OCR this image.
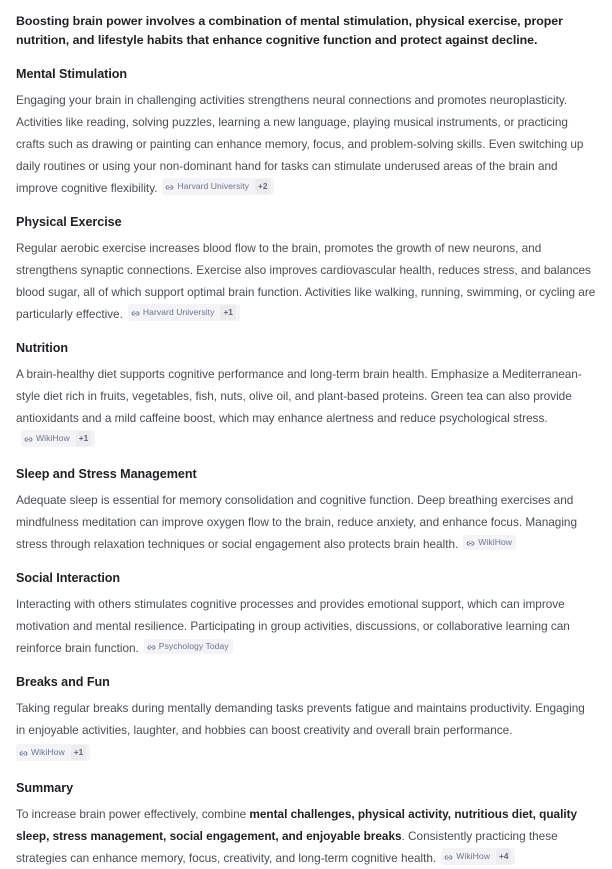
Boosting brain power involves a combination of mental stimulation, physical exercise, proper nutrition, and lifestyle habits that enhance cognitive function and protect against decline.

Mental Stimulation

Engaging your brain in challenging activities strengthens neural connections and promotes neuroplasticity. Activities like reading, solving puzzles, learning a new language, playing musical instruments, or practicing crafts such as drawing or painting can enhance memory, focus, and problem-solving skills. Even switching up daily routines or using your non-dominant hand for tasks can stimulate underused areas of the brain and improve cognitive flexibility. Harvard University	+2

Physical Exercise

Regular aerobic exercise increases blood flow to the brain, promotes the growth of new neurons, and strengthens synaptic connections. Exercise also improves cardiovascular health, reduces stress, and balances blood sugar, all of which support optimal brain function. Activities like walking, running, swimming, or cycling are particularly effective. Harvard University	+1

Nutrition

A brain-healthy diet supports cognitive performance and long-term brain health. Emphasize a Mediterranean-style diet rich in fruits, vegetables, fish, nuts, olive oil, and plant-based proteins. Green tea can also provide antioxidants and a mild caffeine boost, which may enhance alertness and reduce psychological stress.
WikiHow	+1

Sleep and Stress Management

Adequate sleep is essential for memory consolidation and cognitive function. Deep breathing exercises and mindfulness meditation can improve oxygen flow to the brain, reduce anxiety, and enhance focus. Managing stress through relaxation techniques or social engagement also protects brain health. WikiHow

Social Interaction

Interacting with others stimulates cognitive processes and provides emotional support, which can improve motivation and mental resilience. Participating in group activities, discussions, or collaborative learning can reinforce brain function. Psychology Today

Breaks and Fun

Taking regular breaks during mentally demanding tasks prevents fatigue and maintains productivity. Engaging in enjoyable activities, laughter, and hobbies can boost creativity and overall brain performance.
WikiHow	+1

Summary

To increase brain power effectively, combine mental challenges, physical activity, nutritious diet, quality sleep, stress management, social engagement, and enjoyable breaks. Consistently practicing these strategies can enhance memory, focus, creativity, and long-term cognitive health. WikiHow	+4
